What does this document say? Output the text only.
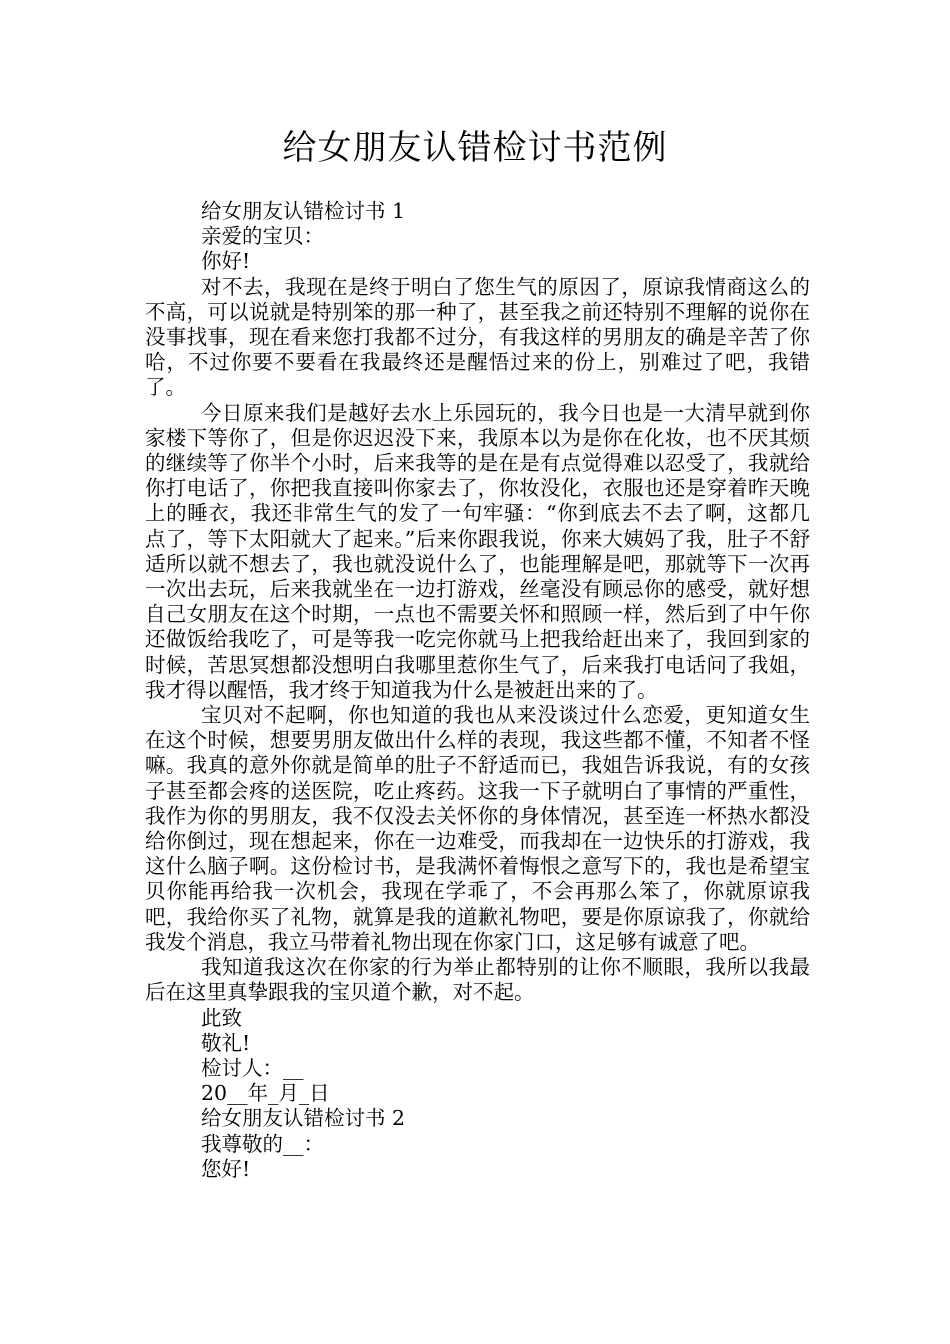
给女朋友认错检讨书范例

给女朋友认错检讨书 1

亲爱的宝贝：

你好!

对不去，我现在是终于明白了您生气的原因了，原谅我情商这么的不高，可以说就是特别笨的那一种了，甚至我之前还特别不理解的说你在没事找事，现在看来您打我都不过分，有我这样的男朋友的确是辛苦了你哈，不过你要不要看在我最终还是醒悟过来的份上，别难过了吧，我错了。

今日原来我们是越好去水上乐园玩的，我今日也是一大清早就到你家楼下等你了，但是你迟迟没下来，我原本以为是你在化妆，也不厌其烦的继续等了你半个小时，后来我等的是在是有点觉得难以忍受了，我就给你打电话了，你把我直接叫你家去了，你妆没化，衣服也还是穿着昨天晚上的睡衣，我还非常生气的发了一句牢骚：“你到底去不去了啊，这都几点了，等下太阳就大了起来。”后来你跟我说，你来大姨妈了我，肚子不舒适所以就不想去了，我也就没说什么了，也能理解是吧，那就等下一次再一次出去玩，后来我就坐在一边打游戏，丝毫没有顾忌你的感受，就好想自己女朋友在这个时期，一点也不需要关怀和照顾一样，然后到了中午你还做饭给我吃了，可是等我一吃完你就马上把我给赶出来了，我回到家的时候，苦思冥想都没想明白我哪里惹你生气了，后来我打电话问了我姐，我才得以醒悟，我才终于知道我为什么是被赶出来的了。

宝贝对不起啊，你也知道的我也从来没谈过什么恋爱，更知道女生在这个时候，想要男朋友做出什么样的表现，我这些都不懂，不知者不怪嘛。我真的意外你就是简单的肚子不舒适而已，我姐告诉我说，有的女孩子甚至都会疼的送医院，吃止疼药。这我一下子就明白了事情的严重性，我作为你的男朋友，我不仅没去关怀你的身体情况，甚至连一杯热水都没给你倒过，现在想起来，你在一边难受，而我却在一边快乐的打游戏，我这什么脑子啊。这份检讨书，是我满怀着悔恨之意写下的，我也是希望宝贝你能再给我一次机会，我现在学乖了，不会再那么笨了，你就原谅我吧，我给你买了礼物，就算是我的道歉礼物吧，要是你原谅我了，你就给我发个消息，我立马带着礼物出现在你家门口，这足够有诚意了吧。

我知道我这次在你家的行为举止都特别的让你不顺眼，我所以我最后在这里真挚跟我的宝贝道个歉，对不起。

此致

敬礼!

检讨人：__

20__年_月_日

给女朋友认错检讨书 2

我尊敬的__：

您好!
